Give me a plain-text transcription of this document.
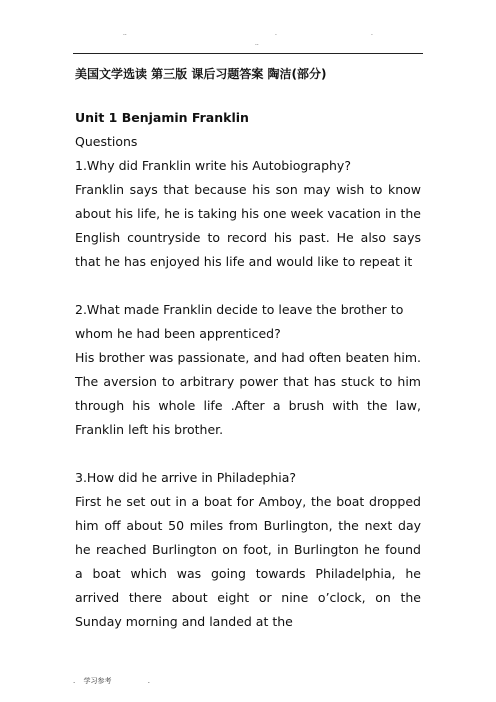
..
..
.	.

美国文学选读 第三版 课后习题答案 陶洁(部分)

Unit 1 Benjamin Franklin

Questions

1.Why did Franklin write his Autobiography?

Franklin says that because his son may wish to know about his life, he is taking his one week vacation in the English countryside to record his past. He also says that he has enjoyed his life and would like to repeat it

2.What made Franklin decide to leave the brother to whom he had been apprenticed?

His brother was passionate, and had often beaten him. The aversion to arbitrary power that has stuck to him through his whole life .After a brush with the law, Franklin left his brother.

3.How did he arrive in Philadephia?

First he set out in a boat for Amboy, the boat dropped him off about 50 miles from Burlington, the next day he reached Burlington on foot, in Burlington he found a boat which was going towards Philadelphia, he arrived there about eight or nine o’clock, on the Sunday morning and landed at the

. 学习参考	.
